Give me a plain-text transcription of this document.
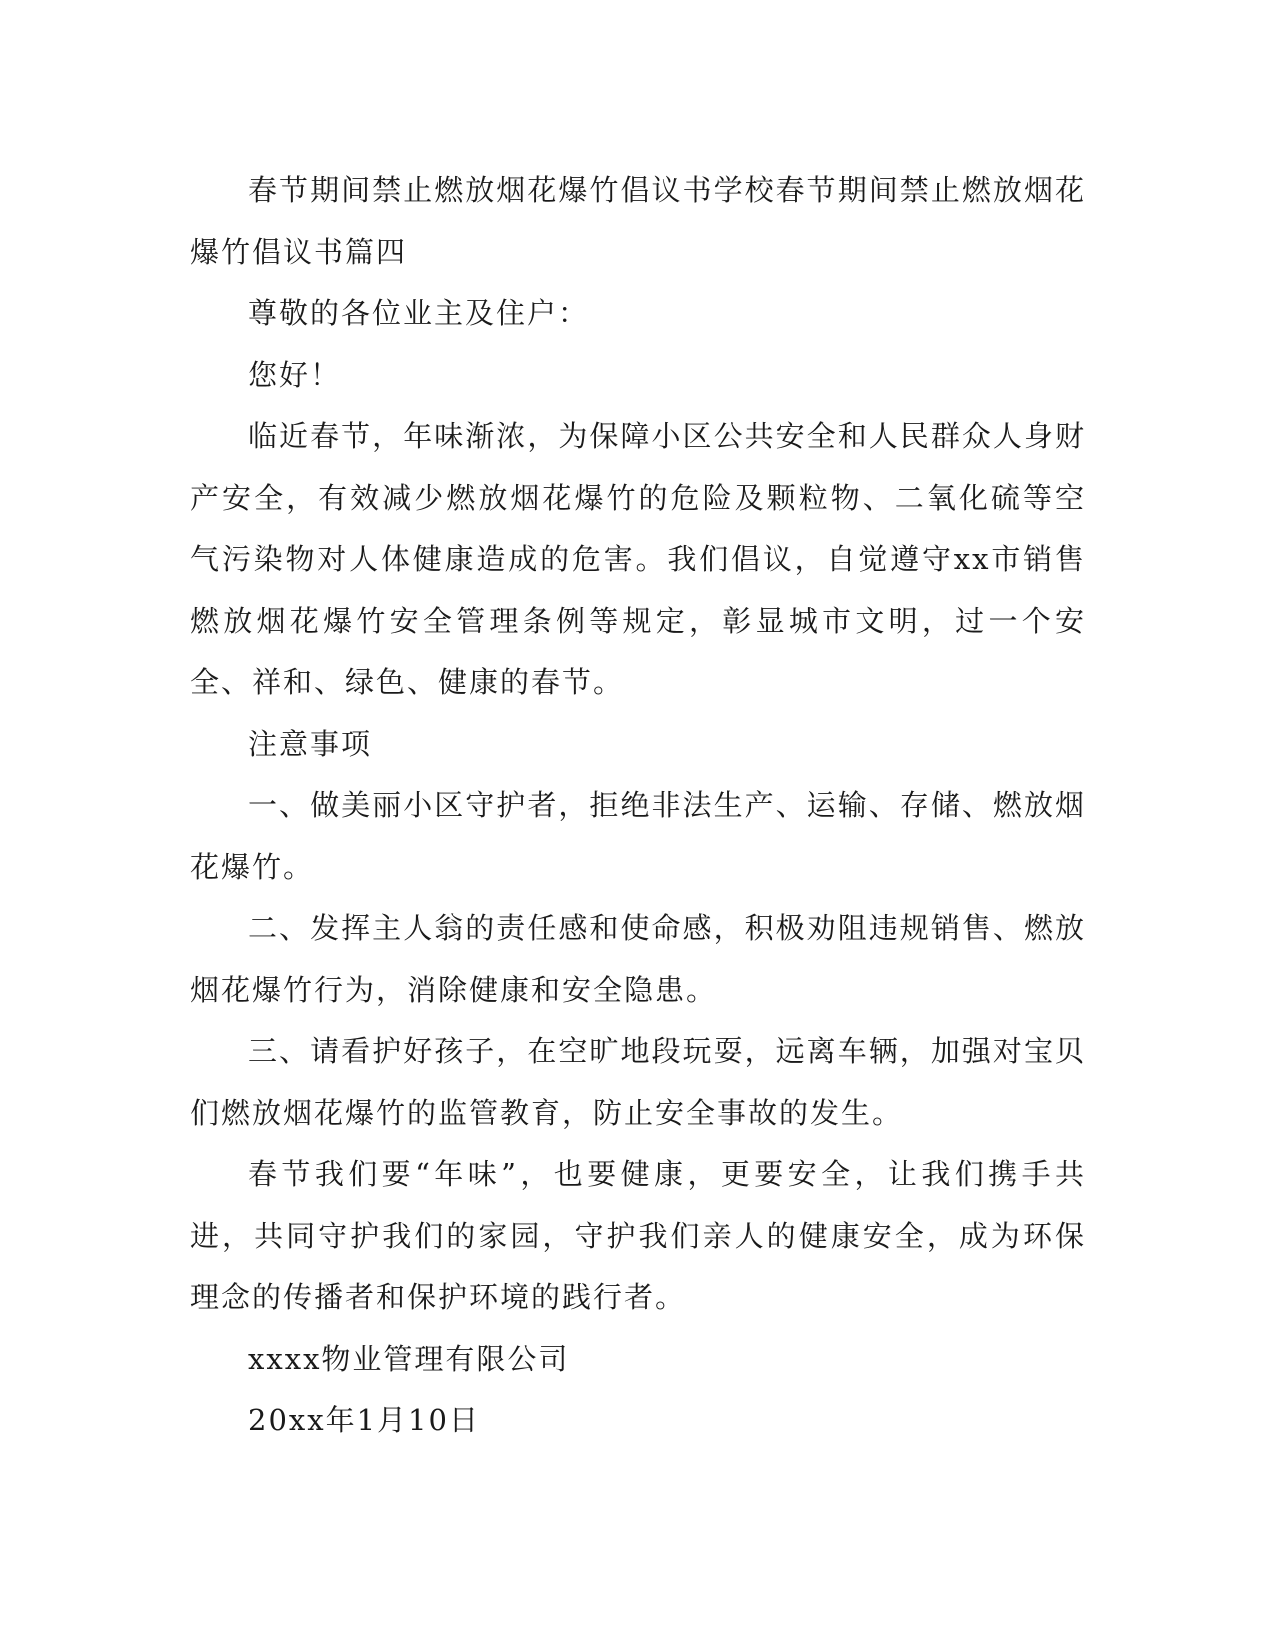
春节期间禁止燃放烟花爆竹倡议书学校春节期间禁止燃放烟花爆竹倡议书篇四

尊敬的各位业主及住户：

您好！

临近春节，年味渐浓，为保障小区公共安全和人民群众人身财产安全，有效减少燃放烟花爆竹的危险及颗粒物、二氧化硫等空气污染物对人体健康造成的危害。我们倡议，自觉遵守xx市销售燃放烟花爆竹安全管理条例等规定，彰显城市文明，过一个安全、祥和、绿色、健康的春节。

注意事项

一、做美丽小区守护者，拒绝非法生产、运输、存储、燃放烟花爆竹。

二、发挥主人翁的责任感和使命感，积极劝阻违规销售、燃放烟花爆竹行为，消除健康和安全隐患。

三、请看护好孩子，在空旷地段玩耍，远离车辆，加强对宝贝们燃放烟花爆竹的监管教育，防止安全事故的发生。

春节我们要“年味”，也要健康，更要安全，让我们携手共进，共同守护我们的家园，守护我们亲人的健康安全，成为环保理念的传播者和保护环境的践行者。

xxxx物业管理有限公司

20xx年1月10日
